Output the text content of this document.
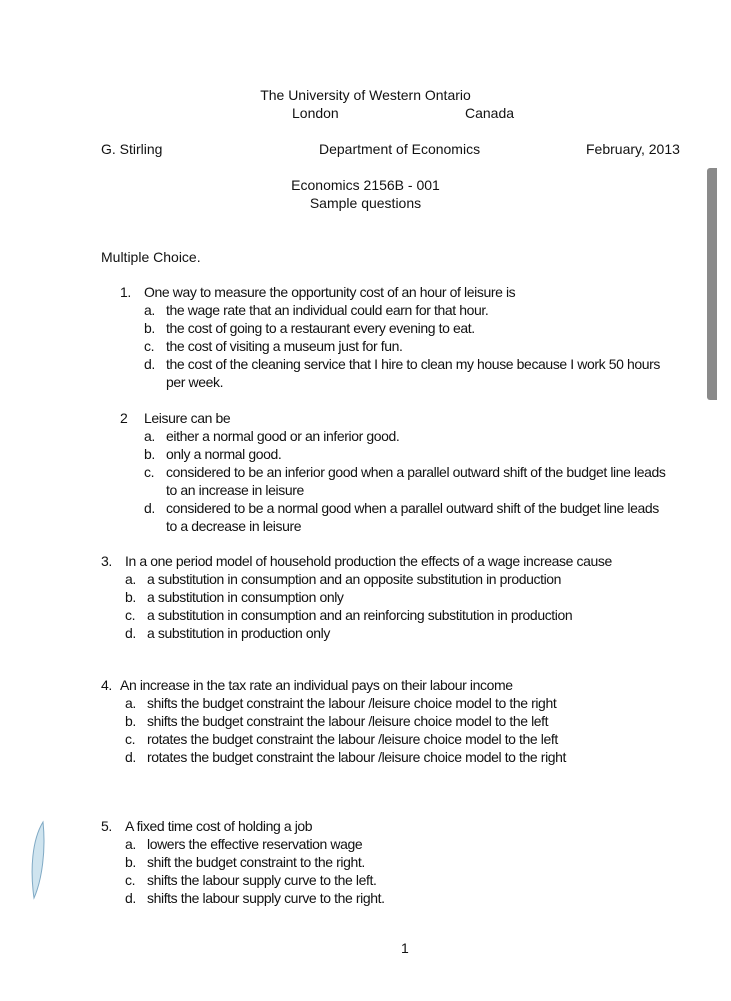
The University of Western Ontario
London	Canada
G. Stirling	Department of Economics	February, 2013
Economics 2156B - 001
Sample questions
Multiple Choice.
1. One way to measure the opportunity cost of an hour of leisure is
a. the wage rate that an individual could earn for that hour.
b. the cost of going to a restaurant every evening to eat.
c. the cost of visiting a museum just for fun.
d. the cost of the cleaning service that I hire to clean my house because I work 50 hours
per week.
2 Leisure can be
a. either a normal good or an inferior good.
b. only a normal good.
c. considered to be an inferior good when a parallel outward shift of the budget line leads
to an increase in leisure
d. considered to be a normal good when a parallel outward shift of the budget line leads
to a decrease in leisure
3. In a one period model of household production the effects of a wage increase cause
a. a substitution in consumption and an opposite substitution in production
b. a substitution in consumption only
c. a substitution in consumption and an reinforcing substitution in production
d. a substitution in production only
4. An increase in the tax rate an individual pays on their labour income
a. shifts the budget constraint the labour /leisure choice model to the right
b. shifts the budget constraint the labour /leisure choice model to the left
c. rotates the budget constraint the labour /leisure choice model to the left
d. rotates the budget constraint the labour /leisure choice model to the right
5. A fixed time cost of holding a job
a. lowers the effective reservation wage
b. shift the budget constraint to the right.
c. shifts the labour supply curve to the left.
d. shifts the labour supply curve to the right.
1
